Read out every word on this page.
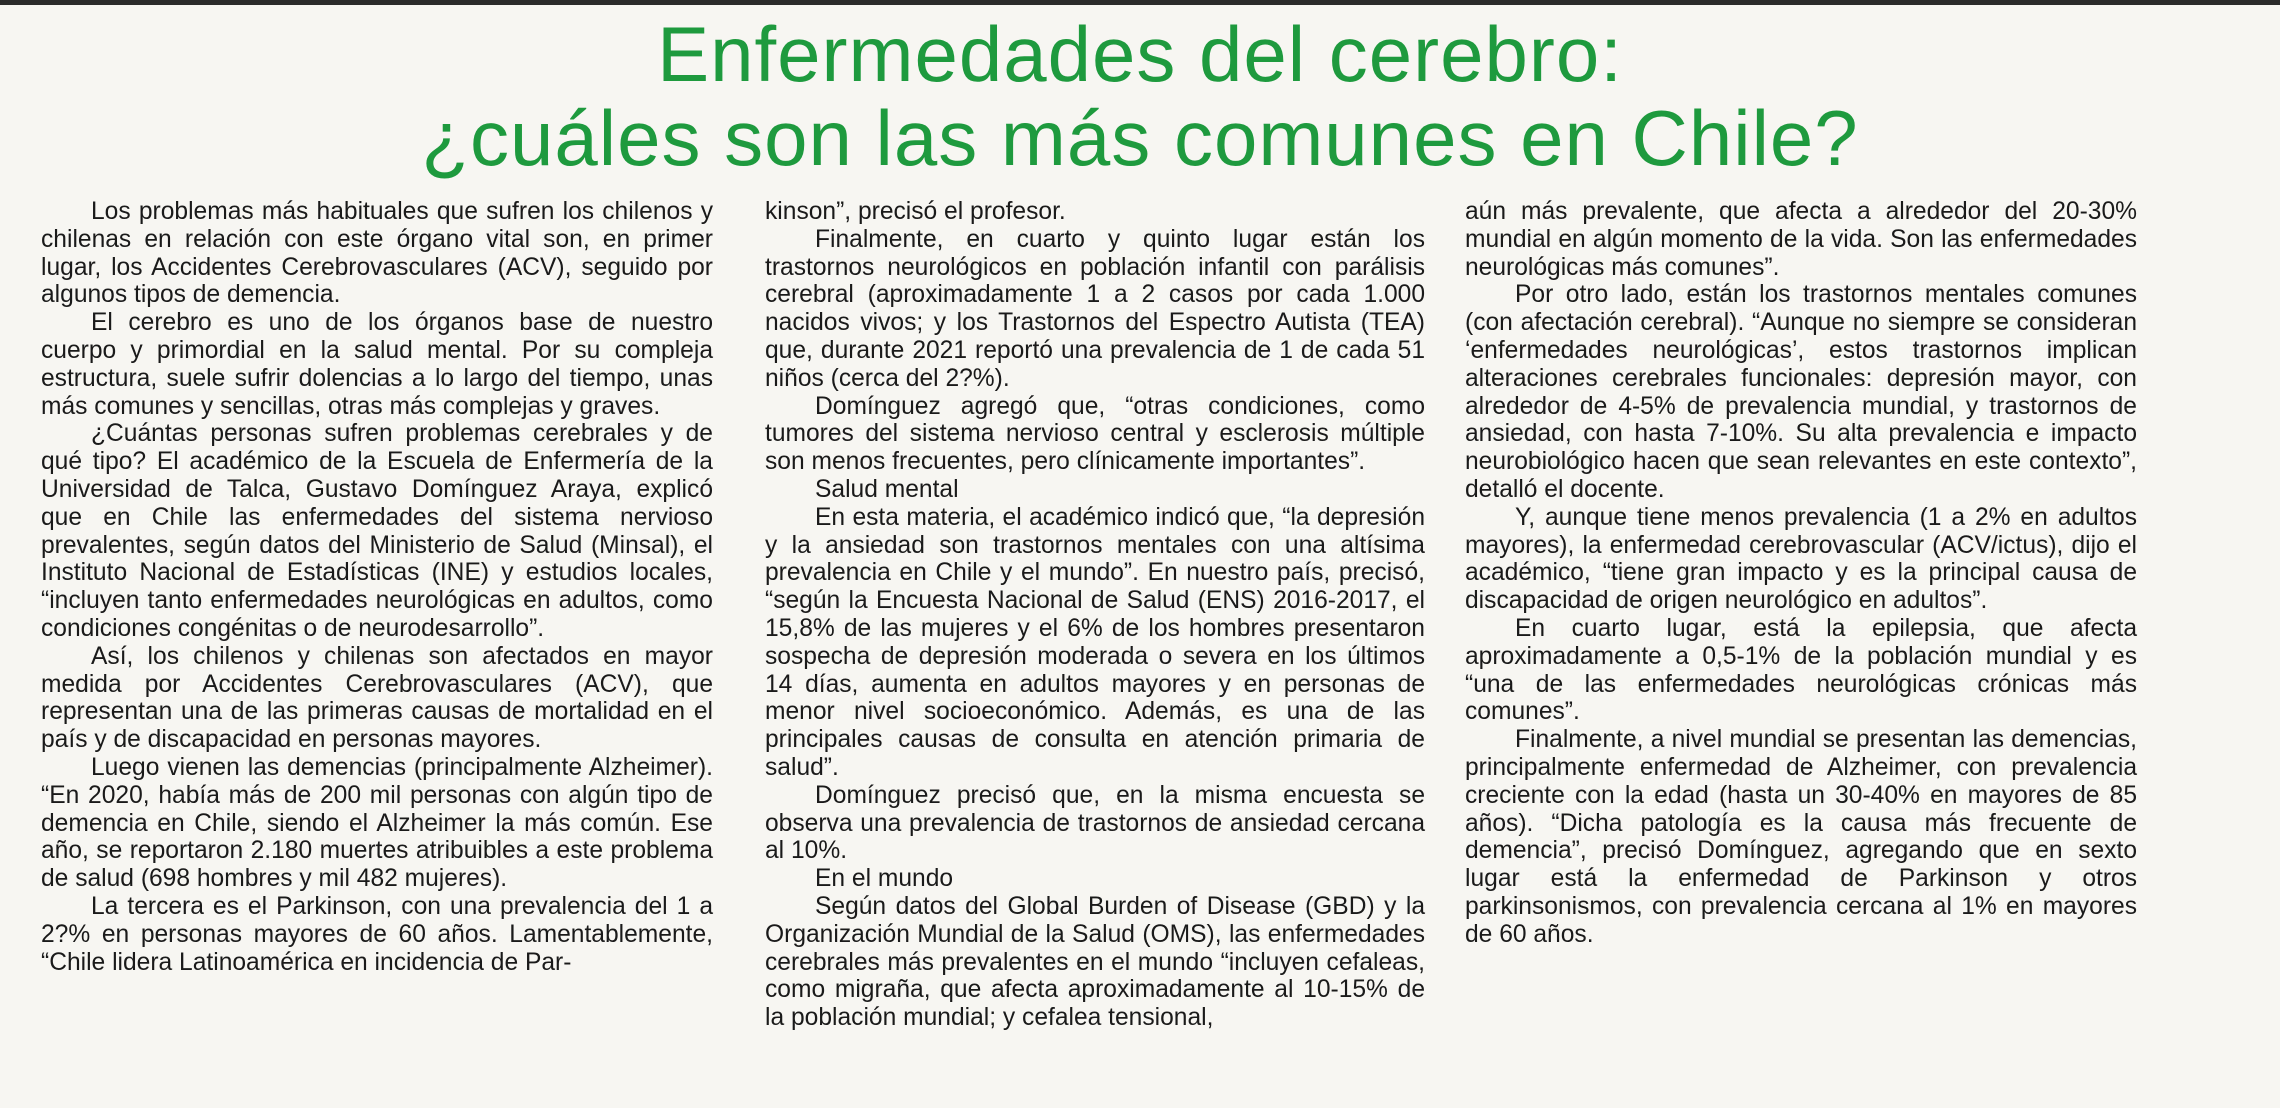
Enfermedades del cerebro:
¿cuáles son las más comunes en Chile?

Los problemas más habituales que sufren los chilenos y chilenas en relación con este órgano vital son, en primer lugar, los Accidentes Cerebrovasculares (ACV), seguido por algunos tipos de demencia.

El cerebro es uno de los órganos base de nuestro cuerpo y primordial en la salud mental. Por su compleja estructura, suele sufrir dolencias a lo largo del tiempo, unas más comunes y sencillas, otras más complejas y graves.

¿Cuántas personas sufren problemas cerebrales y de qué tipo? El académico de la Escuela de Enfermería de la Universidad de Talca, Gustavo Domínguez Araya, explicó que en Chile las enfermedades del sistema nervioso prevalentes, según datos del Ministerio de Salud (Minsal), el Instituto Nacional de Estadísticas (INE) y estudios locales, “incluyen tanto enfermedades neurológicas en adultos, como condiciones congénitas o de neurodesarrollo”.

Así, los chilenos y chilenas son afectados en mayor medida por Accidentes Cerebrovasculares (ACV), que representan una de las primeras causas de mortalidad en el país y de discapacidad en personas mayores.

Luego vienen las demencias (principalmente Alzheimer). “En 2020, había más de 200 mil personas con algún tipo de demencia en Chile, siendo el Alzheimer la más común. Ese año, se reportaron 2.180 muertes atribuibles a este problema de salud (698 hombres y mil 482 mujeres).

La tercera es el Parkinson, con una prevalencia del 1 a 2?% en personas mayores de 60 años. Lamentablemente, “Chile lidera Latinoamérica en incidencia de Par-

kinson”, precisó el profesor.

Finalmente, en cuarto y quinto lugar están los trastornos neurológicos en población infantil con parálisis cerebral (aproximadamente 1 a 2 casos por cada 1.000 nacidos vivos; y los Trastornos del Espectro Autista (TEA) que, durante 2021 reportó una prevalencia de 1 de cada 51 niños (cerca del 2?%).

Domínguez agregó que, “otras condiciones, como tumores del sistema nervioso central y esclerosis múltiple son menos frecuentes, pero clínicamente importantes”.

Salud mental

En esta materia, el académico indicó que, “la depresión y la ansiedad son trastornos mentales con una altísima prevalencia en Chile y el mundo”. En nuestro país, precisó, “según la Encuesta Nacional de Salud (ENS) 2016-2017, el 15,8% de las mujeres y el 6% de los hombres presentaron sospecha de depresión moderada o severa en los últimos 14 días, aumenta en adultos mayores y en personas de menor nivel socioeconómico. Además, es una de las principales causas de consulta en atención primaria de salud”.

Domínguez precisó que, en la misma encuesta se observa una prevalencia de trastornos de ansiedad cercana al 10%.

En el mundo

Según datos del Global Burden of Disease (GBD) y la Organización Mundial de la Salud (OMS), las enfermedades cerebrales más prevalentes en el mundo “incluyen cefaleas, como migraña, que afecta aproximadamente al 10-15% de la población mundial; y cefalea tensional,

aún más prevalente, que afecta a alrededor del 20-30% mundial en algún momento de la vida. Son las enfermedades neurológicas más comunes”.

Por otro lado, están los trastornos mentales comunes (con afectación cerebral). “Aunque no siempre se consideran ‘enfermedades neurológicas’, estos trastornos implican alteraciones cerebrales funcionales: depresión mayor, con alrededor de 4-5% de prevalencia mundial, y trastornos de ansiedad, con hasta 7-10%. Su alta prevalencia e impacto neurobiológico hacen que sean relevantes en este contexto”, detalló el docente.

Y, aunque tiene menos prevalencia (1 a 2% en adultos mayores), la enfermedad cerebrovascular (ACV/ictus), dijo el académico, “tiene gran impacto y es la principal causa de discapacidad de origen neurológico en adultos”.

En cuarto lugar, está la epilepsia, que afecta aproximadamente a 0,5-1% de la población mundial y es “una de las enfermedades neurológicas crónicas más comunes”.

Finalmente, a nivel mundial se presentan las demencias, principalmente enfermedad de Alzheimer, con prevalencia creciente con la edad (hasta un 30-40% en mayores de 85 años). “Dicha patología es la causa más frecuente de demencia”, precisó Domínguez, agregando que en sexto lugar está la enfermedad de Parkinson y otros parkinsonismos, con prevalencia cercana al 1% en mayores de 60 años.
